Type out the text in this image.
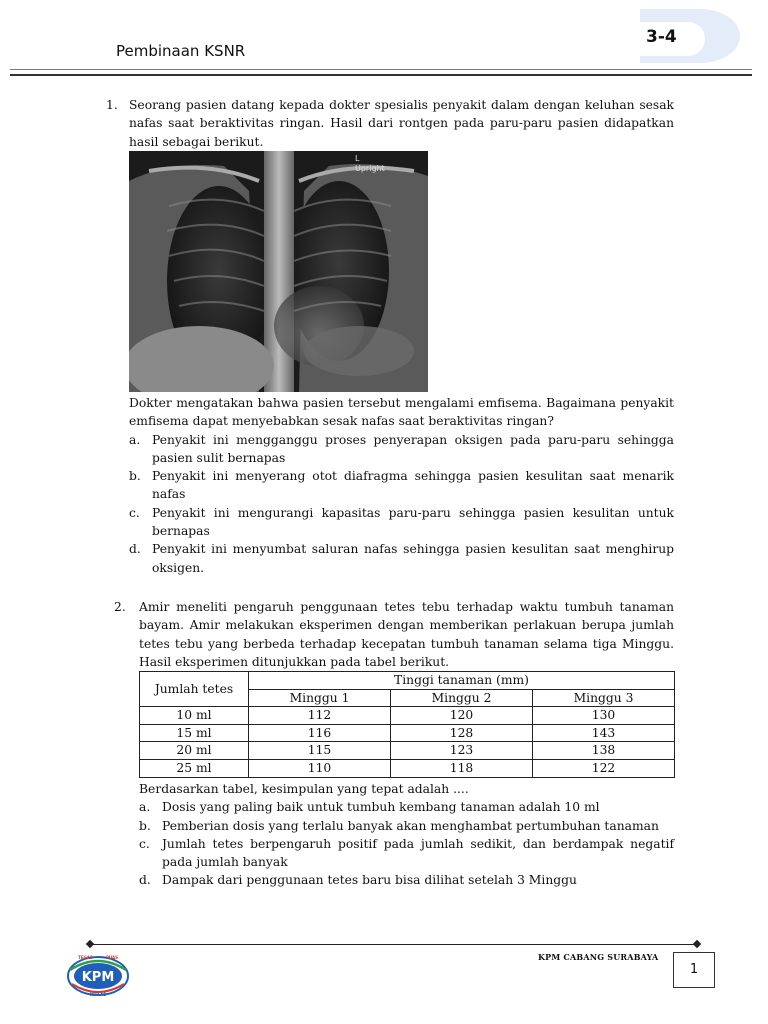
Pembinaan KSNR
3-4
1. Seorang pasien datang kepada dokter spesialis penyakit dalam dengan keluhan sesak nafas saat beraktivitas ringan. Hasil dari rontgen pada paru-paru pasien didapatkan hasil sebagai berikut.
L
Upright
Dokter mengatakan bahwa pasien tersebut mengalami emfisema. Bagaimana penyakit emfisema dapat menyebabkan sesak nafas saat beraktivitas ringan?
a. Penyakit ini mengganggu proses penyerapan oksigen pada paru-paru sehingga pasien sulit bernapas
b. Penyakit ini menyerang otot diafragma sehingga pasien kesulitan saat menarik nafas
c. Penyakit ini mengurangi kapasitas paru-paru sehingga pasien kesulitan untuk bernapas
d. Penyakit ini menyumbat saluran nafas sehingga pasien kesulitan saat menghirup oksigen.
2. Amir meneliti pengaruh penggunaan tetes tebu terhadap waktu tumbuh tanaman bayam. Amir melakukan eksperimen dengan memberikan perlakuan berupa jumlah tetes tebu yang berbeda terhadap kecepatan tumbuh tanaman selama tiga Minggu. Hasil eksperimen ditunjukkan pada tabel berikut.
Jumlah tetes	Tinggi tanaman (mm)		
	Minggu 1	Minggu 2	Minggu 3
10 ml	112	120	130
15 ml	116	128	143
20 ml	115	123	138
25 ml	110	118	122
Berdasarkan tabel, kesimpulan yang tepat adalah ....
a. Dosis yang paling baik untuk tumbuh kembang tanaman adalah 10 ml
b. Pemberian dosis yang terlalu banyak akan menghambat pertumbuhan tanaman
c. Jumlah tetes berpengaruh positif pada jumlah sedikit, dan berdampak negatif pada jumlah banyak
d. Dampak dari penggunaan tetes baru bisa dilihat setelah 3 Minggu
KPM CABANG SURABAYA
1
KPM
TEGAS	PUAS
IKHLAS
